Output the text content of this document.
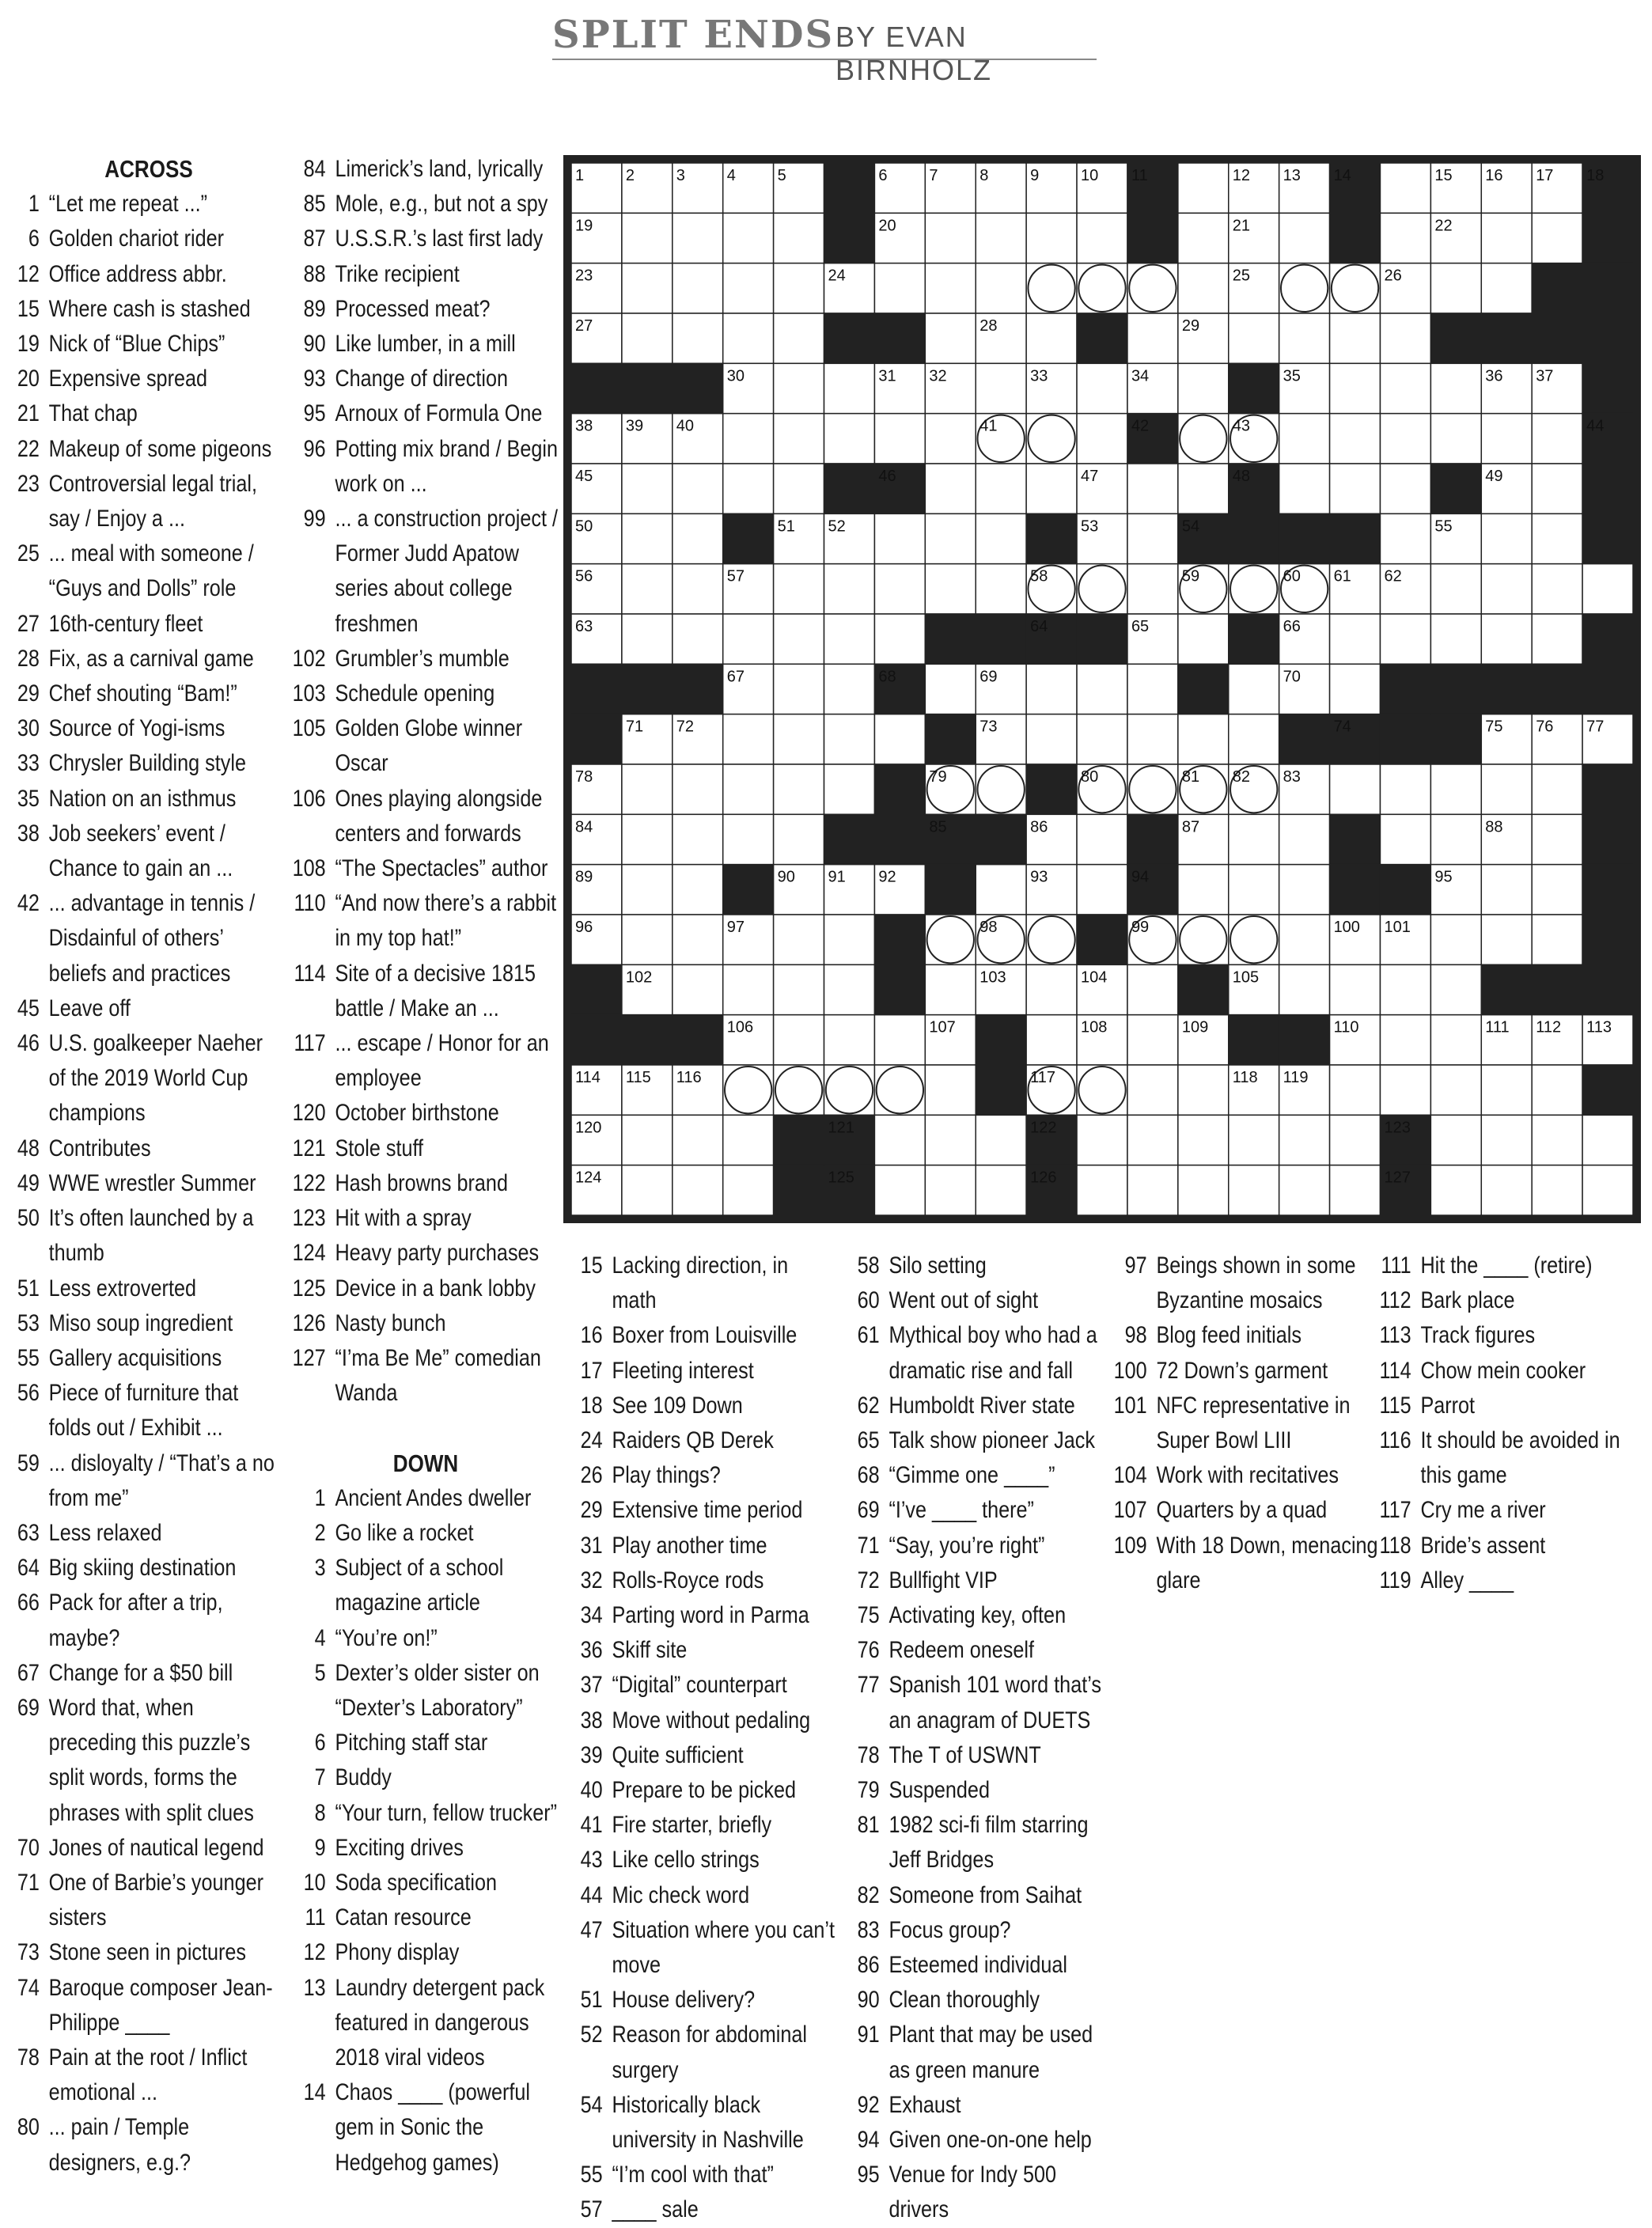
SPLIT ENDS BY EVAN BIRNHOLZ
1	2	3	4	5	6	7	8	9	10 11	12 13 14	15 16 17 18
19	20	21	22
23	24	25	26
27	28	29
30	31 32	33	34	35	36 37
38 39 40	41	42	43	44
45	46	47	48	49
50	51 52	53	54	55
56	57	58	59	60 61 62
63	64	65	66
67	68	69	70
71 72	73	74	75 76 77
78	79	80	81 82 83
84	85	86	87	88
89	90 91 92	93	94	95
96	97	98	99	100 101
102	103	104	105
106	107	108	109	110	111 112 113
114 115 116	117	118 119
120	121	122	123
124	125	126	127
ACROSS
1 “Let me repeat ...”
6 Golden chariot rider
12 Office address abbr.
15 Where cash is stashed
19 Nick of “Blue Chips”
20 Expensive spread
21 That chap
22 Makeup of some pigeons
23 Controversial legal trial, say / Enjoy a ...
25 ... meal with someone / “Guys and Dolls” role
27 16th-century fleet
28 Fix, as a carnival game
29 Chef shouting “Bam!”
30 Source of Yogi-isms
33 Chrysler Building style
35 Nation on an isthmus
38 Job seekers’ event / Chance to gain an ...
42 ... advantage in tennis / Disdainful of others’ beliefs and practices
45 Leave off
46 U.S. goalkeeper Naeher of the 2019 World Cup champions
48 Contributes
49 WWE wrestler Summer
50 It’s often launched by a thumb
51 Less extroverted
53 Miso soup ingredient
55 Gallery acquisitions
56 Piece of furniture that folds out / Exhibit ...
59 ... disloyalty / “That’s a no from me”
63 Less relaxed
64 Big skiing destination
66 Pack for after a trip, maybe?
67 Change for a $50 bill
69 Word that, when preceding this puzzle’s split words, forms the phrases with split clues
70 Jones of nautical legend
71 One of Barbie’s younger sisters
73 Stone seen in pictures
74 Baroque composer Jean-Philippe ____
78 Pain at the root / Inflict emotional ...
80 ... pain / Temple designers, e.g.?
84 Limerick’s land, lyrically
85 Mole, e.g., but not a spy
87 U.S.S.R.’s last first lady
88 Trike recipient
89 Processed meat?
90 Like lumber, in a mill
93 Change of direction
95 Arnoux of Formula One
96 Potting mix brand / Begin work on ...
99 ... a construction project / Former Judd Apatow series about college freshmen
102 Grumbler’s mumble
103 Schedule opening
105 Golden Globe winner Oscar
106 Ones playing alongside centers and forwards
108 “The Spectacles” author
110 “And now there’s a rabbit in my top hat!”
114 Site of a decisive 1815 battle / Make an ...
117 ... escape / Honor for an employee
120 October birthstone
121 Stole stuff
122 Hash browns brand
123 Hit with a spray
124 Heavy party purchases
125 Device in a bank lobby
126 Nasty bunch
127 “I’ma Be Me” comedian Wanda
DOWN
1 Ancient Andes dweller
2 Go like a rocket
3 Subject of a school magazine article
4 “You’re on!”
5 Dexter’s older sister on “Dexter’s Laboratory”
6 Pitching staff star
7 Buddy
8 “Your turn, fellow trucker”
9 Exciting drives
10 Soda specification
11 Catan resource
12 Phony display
13 Laundry detergent pack featured in dangerous 2018 viral videos
14 Chaos ____ (powerful gem in Sonic the Hedgehog games)
15 Lacking direction, in math
16 Boxer from Louisville
17 Fleeting interest
18 See 109 Down
24 Raiders QB Derek
26 Play things?
29 Extensive time period
31 Play another time
32 Rolls-Royce rods
34 Parting word in Parma
36 Skiff site
37 “Digital” counterpart
38 Move without pedaling
39 Quite sufficient
40 Prepare to be picked
41 Fire starter, briefly
43 Like cello strings
44 Mic check word
47 Situation where you can’t move
51 House delivery?
52 Reason for abdominal surgery
54 Historically black university in Nashville
55 “I’m cool with that”
57 ____ sale
58 Silo setting
60 Went out of sight
61 Mythical boy who had a dramatic rise and fall
62 Humboldt River state
65 Talk show pioneer Jack
68 “Gimme one ____”
69 “I’ve ____ there”
71 “Say, you’re right”
72 Bullfight VIP
75 Activating key, often
76 Redeem oneself
77 Spanish 101 word that’s an anagram of DUETS
78 The T of USWNT
79 Suspended
81 1982 sci-fi film starring Jeff Bridges
82 Someone from Saihat
83 Focus group?
86 Esteemed individual
90 Clean thoroughly
91 Plant that may be used as green manure
92 Exhaust
94 Given one-on-one help
95 Venue for Indy 500 drivers
97 Beings shown in some Byzantine mosaics
98 Blog feed initials
100 72 Down’s garment
101 NFC representative in Super Bowl LIII
104 Work with recitatives
107 Quarters by a quad
109 With 18 Down, menacing glare
111 Hit the ____ (retire)
112 Bark place
113 Track figures
114 Chow mein cooker
115 Parrot
116 It should be avoided in this game
117 Cry me a river
118 Bride’s assent
119 Alley ____
